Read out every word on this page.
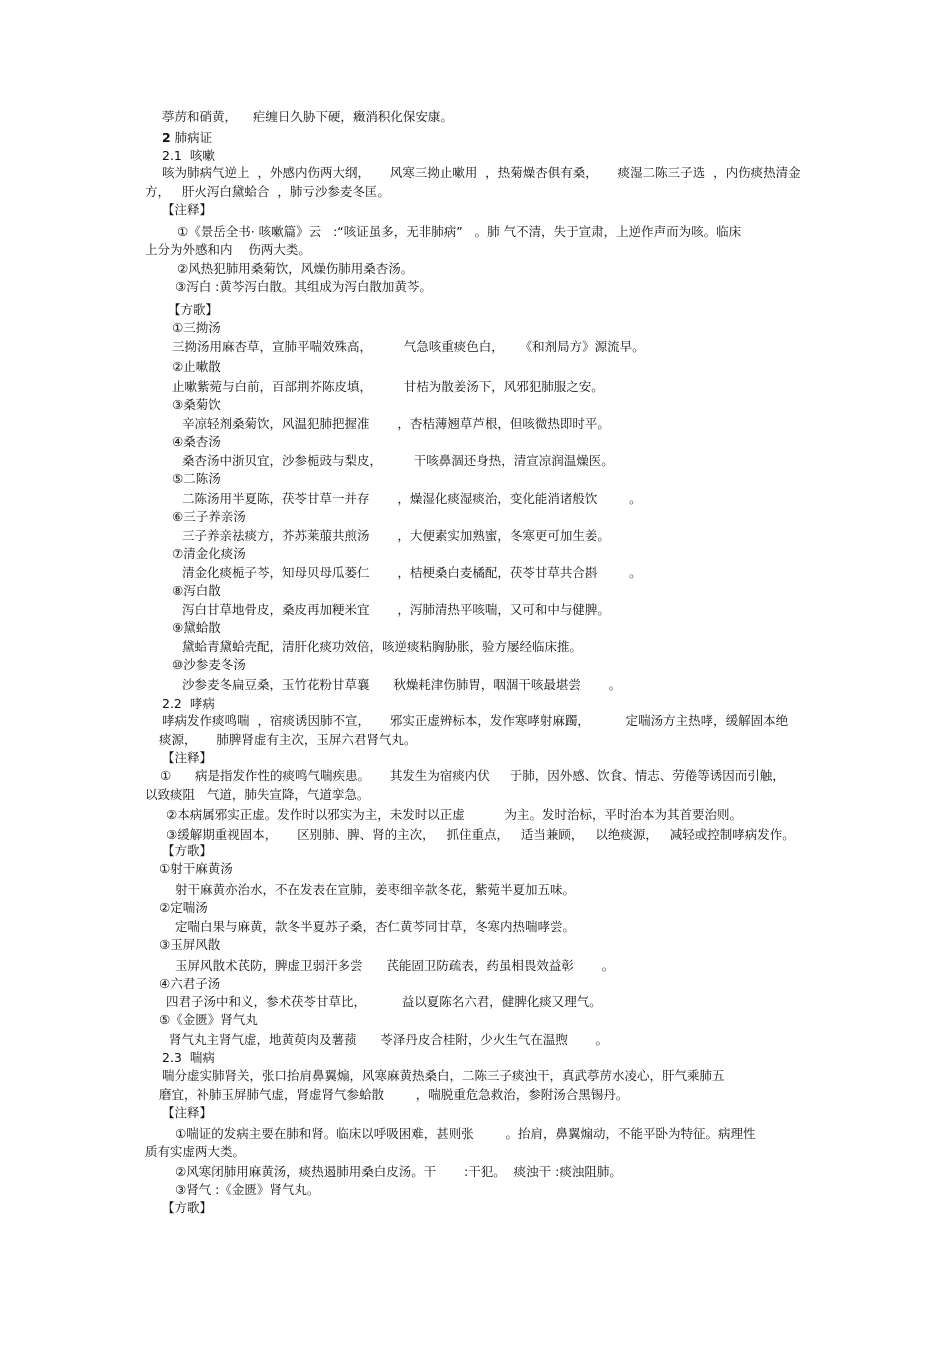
葶苈和硝黄，    疟缠日久胁下硬，癥消积化保安康。
2 肺病证
2.1  咳嗽
咳为肺病气逆上  ，外感内伤两大纲，     风寒三拗止嗽用  ，热菊燥杏俱有桑，     痰湿二陈三子选  ，内伤痰热清金
方，   肝火泻白黛蛤合  ，肺亏沙参麦冬匡。
【注释】
①《景岳全书· 咳嗽篇》云   :“咳证虽多，无非肺病”   。肺 气不清，失于宣肃，上逆作声而为咳。临床
上分为外感和内    伤两大类。
②风热犯肺用桑菊饮，风燥伤肺用桑杏汤。
③泻白 :黄芩泻白散。其组成为泻白散加黄芩。
【方歌】
①三拗汤
三拗汤用麻杏草，宣肺平喘效殊高，        气急咳重痰色白，    《和剂局方》源流早。
②止嗽散
止嗽紫菀与白前，百部荆芥陈皮填，        甘桔为散姜汤下，风邪犯肺服之安。
③桑菊饮
辛凉轻剂桑菊饮，风温犯肺把握准       ，杏桔薄翘草芦根，但咳微热即时平。
④桑杏汤
桑杏汤中浙贝宜，沙参栀豉与梨皮，        干咳鼻涸还身热，清宣凉润温燥医。
⑤二陈汤
二陈汤用半夏陈，茯苓甘草一并存       ，燥湿化痰湿痰治，变化能消诸般饮        。
⑥三子养亲汤
三子养亲祛痰方，芥苏莱菔共煎汤       ，大便素实加熟蜜，冬寒更可加生姜。
⑦清金化痰汤
清金化痰栀子芩，知母贝母瓜蒌仁       ，桔梗桑白麦橘配，茯苓甘草共合斟        。
⑧泻白散
泻白甘草地骨皮，桑皮再加粳米宜       ，泻肺清热平咳喘，又可和中与健脾。
⑨黛蛤散
黛蛤青黛蛤壳配，清肝化痰功效倍，咳逆痰粘胸胁胀，验方屡经临床推。
⑩沙参麦冬汤
沙参麦冬扁豆桑，玉竹花粉甘草襄      秋燥耗津伤肺胃，咽涸干咳最堪尝       。
2.2  哮病
哮病发作痰鸣喘  ，宿痰诱因肺不宣，     邪实正虚辨标本，发作寒哮射麻躅，         定喘汤方主热哮，缓解固本绝
痰源，     肺脾肾虚有主次，玉屏六君肾气丸。
【注释】
①      病是指发作性的痰鸣气喘疾患。     其发生为宿痰内伏     于肺，因外感、饮食、情志、劳倦等诱因而引触，
以致痰阻   气道，肺失宣降，气道挛急。
②本病属邪实正虚。发作时以邪实为主，未发时以正虚          为主。发时治标，平时治本为其首要治则。
③缓解期重视固本，     区别肺、脾、肾的主次，   抓住重点，   适当兼顾，   以绝痰源，   减轻或控制哮病发作。
【方歌】
①射干麻黄汤
射干麻黄亦治水，不在发表在宣肺，姜枣细辛款冬花，紫菀半夏加五味。
②定喘汤
定喘白果与麻黄，款冬半夏苏子桑，杏仁黄芩同甘草，冬寒内热喘哮尝。
③玉屏风散
玉屏风散术芪防，脾虚卫弱汗多尝      芪能固卫防疏表，药虽相畏效益彰       。
④六君子汤
四君子汤中和义，参术茯苓甘草比，         益以夏陈名六君，健脾化痰又理气。
⑤《金匮》肾气丸
肾气丸主肾气虚，地黄萸肉及薯蓣      苓泽丹皮合桂附，少火生气在温煦       。
2.3  喘病
喘分虚实肺肾关，张口抬肩鼻翼煽，风寒麻黄热桑白，二陈三子痰浊干，真武葶苈水凌心，肝气乘肺五
磨宜，补肺玉屏肺气虚，肾虚肾气参蛤散        ，喘脱重危急救治，参附汤合黑锡丹。
【注释】
①喘证的发病主要在肺和肾。临床以呼吸困难，甚则张        。抬肩，鼻翼煽动，不能平卧为特征。病理性
质有实虚两大类。
②风寒闭肺用麻黄汤，痰热遏肺用桑白皮汤。干       :干犯。  痰浊干 :痰浊阻肺。
③肾气 :《金匮》肾气丸。
【方歌】
